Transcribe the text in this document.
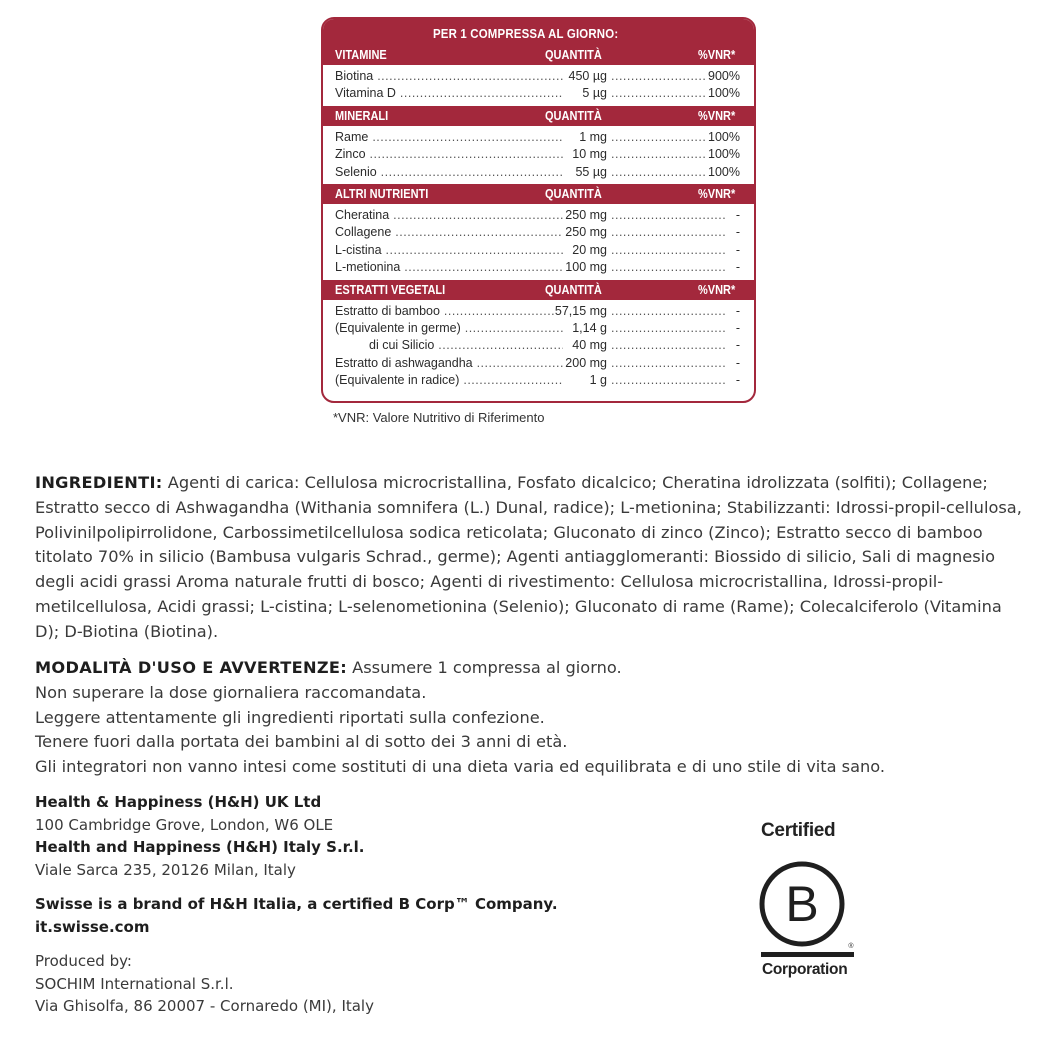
PER 1 COMPRESSA AL GIORNO:
VITAMINE	QUANTITÀ	%VNR*
Biotina .....	450 µg .....	900%
Vitamina D .....	5 µg .....	100%
MINERALI	QUANTITÀ	%VNR*
Rame .....	1 mg .....	100%
Zinco .....	10 mg .....	100%
Selenio .....	55 µg .....	100%
ALTRI NUTRIENTI	QUANTITÀ	%VNR*
Cheratina .....	250 mg .....	-
Collagene .....	250 mg .....	-
L-cistina .....	20 mg .....	-
L-metionina .....	100 mg .....	-
ESTRATTI VEGETALI	QUANTITÀ	%VNR*
Estratto di bamboo .....	57,15 mg .....	-
(Equivalente in germe) .....	1,14 g .....	-
di cui Silicio .....	40 mg .....	-
Estratto di ashwagandha .....	200 mg .....	-
(Equivalente in radice) .....	1 g .....	-
*VNR: Valore Nutritivo di Riferimento
INGREDIENTI: Agenti di carica: Cellulosa microcristallina, Fosfato dicalcico; Cheratina idrolizzata (solfiti); Collagene; Estratto secco di Ashwagandha (Withania somnifera (L.) Dunal, radice); L-metionina; Stabilizzanti: Idrossi-propil-cellulosa, Polivinilpolipirrolidone, Carbossimetilcellulosa sodica reticolata; Gluconato di zinco (Zinco); Estratto secco di bamboo titolato 70% in silicio (Bambusa vulgaris Schrad., germe); Agenti antiagglomeranti: Biossido di silicio, Sali di magnesio degli acidi grassi Aroma naturale frutti di bosco; Agenti di rivestimento: Cellulosa microcristallina, Idrossi-propil-metilcellulosa, Acidi grassi; L-cistina; L-selenometionina (Selenio); Gluconato di rame (Rame); Colecalciferolo (Vitamina D); D-Biotina (Biotina).
MODALITÀ D'USO E AVVERTENZE: Assumere 1 compressa al giorno.
Non superare la dose giornaliera raccomandata.
Leggere attentamente gli ingredienti riportati sulla confezione.
Tenere fuori dalla portata dei bambini al di sotto dei 3 anni di età.
Gli integratori non vanno intesi come sostituti di una dieta varia ed equilibrata e di uno stile di vita sano.
Health & Happiness (H&H) UK Ltd
100 Cambridge Grove, London, W6 OLE
Health and Happiness (H&H) Italy S.r.l.
Viale Sarca 235, 20126 Milan, Italy
Swisse is a brand of H&H Italia, a certified B Corp™ Company.
it.swisse.com
Produced by:
SOCHIM International S.r.l.
Via Ghisolfa, 86 20007 - Cornaredo (MI), Italy
Certified
B
®
Corporation
